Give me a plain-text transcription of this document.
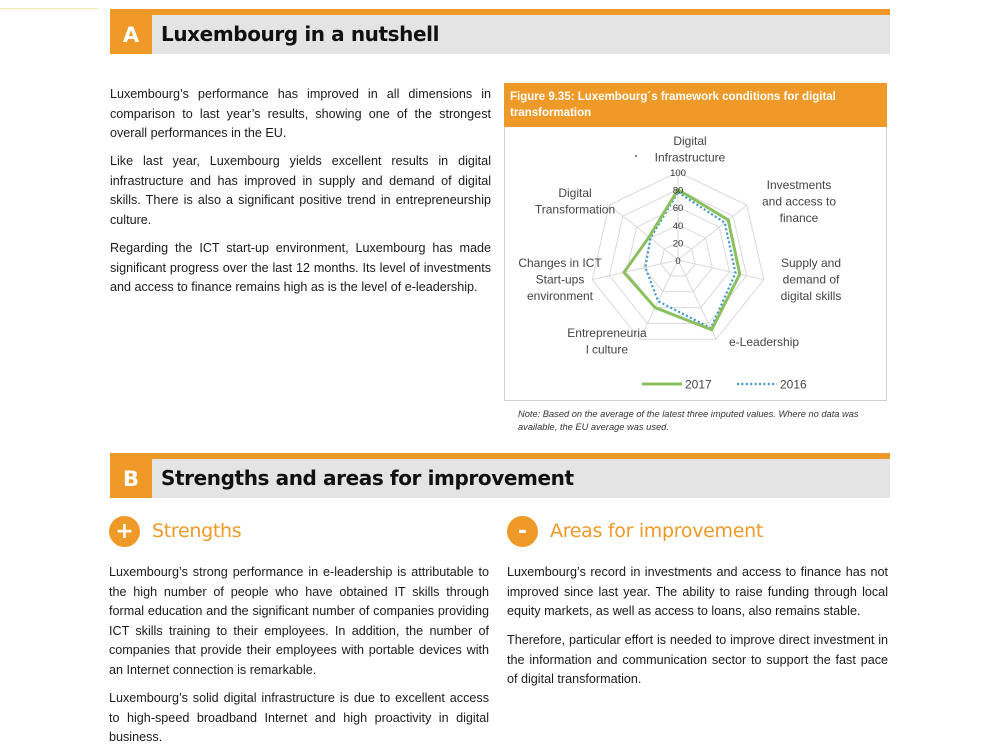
A	Luxembourg in a nutshell

Luxembourg’s performance has improved in all dimensions in comparison to last year’s results, showing one of the strongest overall performances in the EU.

Like last year, Luxembourg yields excellent results in digital infrastructure and has improved in supply and demand of digital skills. There is also a significant positive trend in entrepreneurship culture.

Regarding the ICT start-up environment, Luxembourg has made significant progress over the last 12 months. Its level of investments and access to finance remains high as is the level of e-leadership.

Figure 9.35: Luxembourg´s framework conditions for digital transformation
0
20
40
60
80
100
Digital Infrastructure
Investments and access to finance
Supply and demand of digital skills
e-Leadership
Entrepreneuria l culture
Changes in ICT Start-ups environment
Digital Transformation
2017	2016
Note: Based on the average of the latest three imputed values. Where no data was available, the EU average was used.
B	Strengths and areas for improvement
+ Strengths

Luxembourg’s strong performance in e-leadership is attributable to the high number of people who have obtained IT skills through formal education and the significant number of companies providing ICT skills training to their employees. In addition, the number of companies that provide their employees with portable devices with an Internet connection is remarkable.

Luxembourg’s solid digital infrastructure is due to excellent access to high-speed broadband Internet and high proactivity in digital business.

-	Areas for improvement

Luxembourg’s record in investments and access to finance has not improved since last year. The ability to raise funding through local equity markets, as well as access to loans, also remains stable.

Therefore, particular effort is needed to improve direct investment in the information and communication sector to support the fast pace of digital transformation.
